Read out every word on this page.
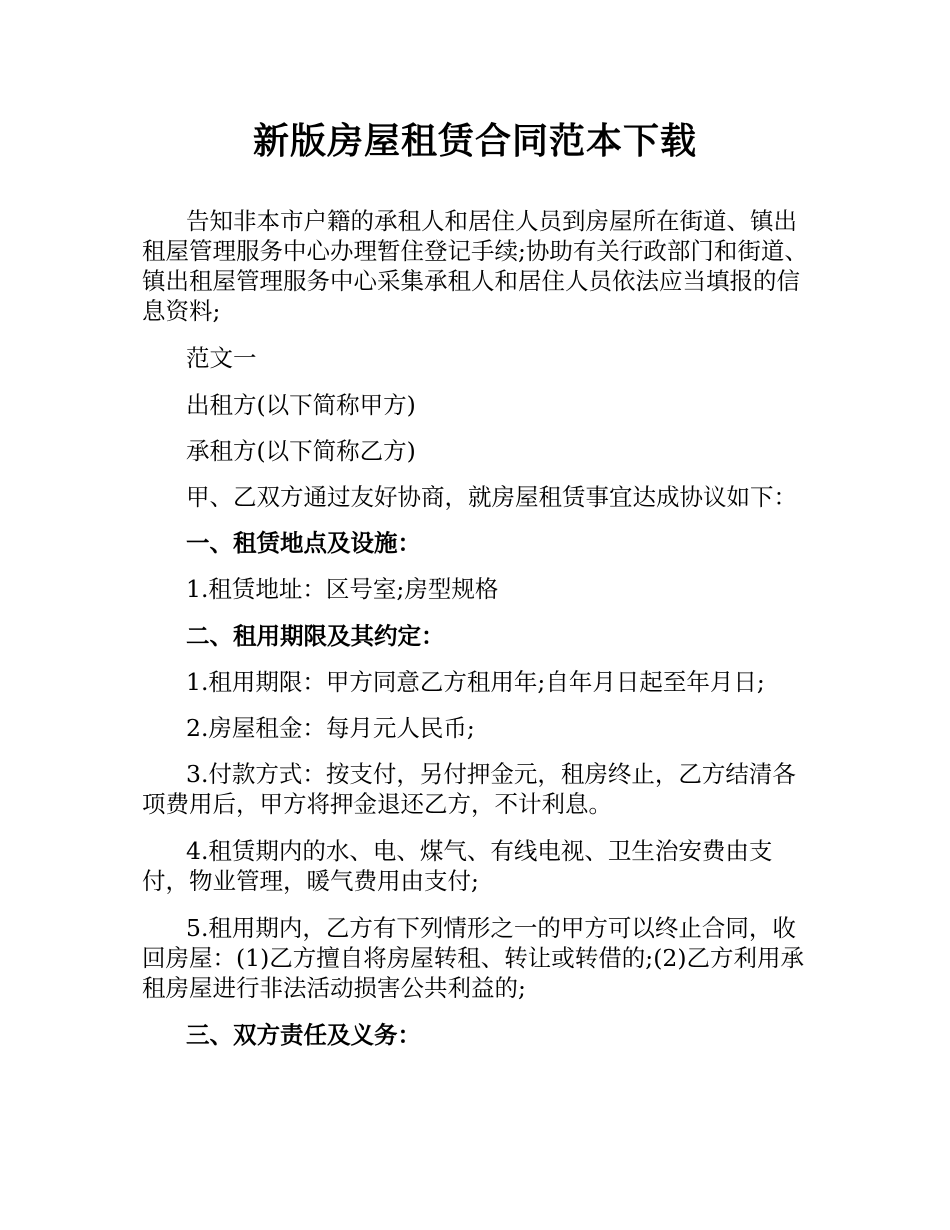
新版房屋租赁合同范本下载

告知非本市户籍的承租人和居住人员到房屋所在街道、镇出租屋管理服务中心办理暂住登记手续;协助有关行政部门和街道、镇出租屋管理服务中心采集承租人和居住人员依法应当填报的信息资料;

范文一

出租方(以下简称甲方)

承租方(以下简称乙方)

甲、乙双方通过友好协商，就房屋租赁事宜达成协议如下：

一、租赁地点及设施：

1.租赁地址：区号室;房型规格

二、租用期限及其约定：

1.租用期限：甲方同意乙方租用年;自年月日起至年月日;

2.房屋租金：每月元人民币;

3.付款方式：按支付，另付押金元，租房终止，乙方结清各项费用后，甲方将押金退还乙方，不计利息。

4.租赁期内的水、电、煤气、有线电视、卫生治安费由支付，物业管理，暖气费用由支付;

5.租用期内，乙方有下列情形之一的甲方可以终止合同，收回房屋：(1)乙方擅自将房屋转租、转让或转借的;(2)乙方利用承租房屋进行非法活动损害公共利益的;

三、双方责任及义务：
